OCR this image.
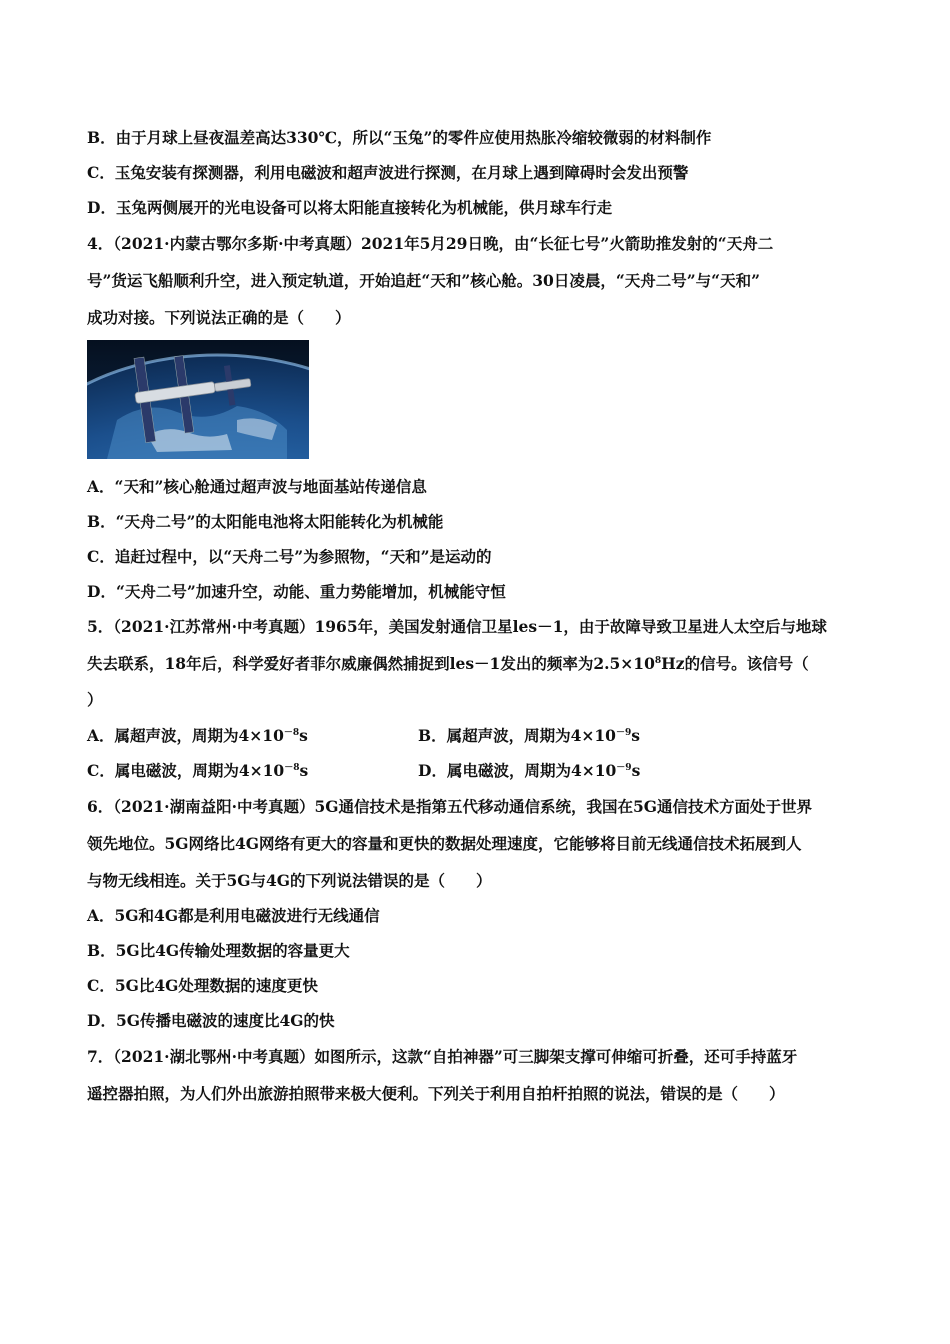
B．由于月球上昼夜温差高达330℃，所以“玉兔”的零件应使用热胀冷缩较微弱的材料制作
C．玉兔安装有探测器，利用电磁波和超声波进行探测，在月球上遇到障碍时会发出预警
D．玉兔两侧展开的光电设备可以将太阳能直接转化为机械能，供月球车行走
4．（2021·内蒙古鄂尔多斯·中考真题）2021年5月29日晚，由“长征七号”火箭助推发射的“天舟二
号”货运飞船顺利升空，进入预定轨道，开始追赶“天和”核心舱。30日凌晨，“天舟二号”与“天和”
成功对接。下列说法正确的是（　　）
A．“天和”核心舱通过超声波与地面基站传递信息
B．“天舟二号”的太阳能电池将太阳能转化为机械能
C．追赶过程中，以“天舟二号”为参照物，“天和”是运动的
D．“天舟二号”加速升空，动能、重力势能增加，机械能守恒
5．（2021·江苏常州·中考真题）1965年，美国发射通信卫星les－1，由于故障导致卫星进人太空后与地球
失去联系，18年后，科学爱好者菲尔威廉偶然捕捉到les－1发出的频率为$2.5\times 10^8Hz$的信号。该信号（
）
A．属超声波，周期为$4\times 10^{-8}s$	B．属超声波，周期为$4\times 10^{-9}s$
C．属电磁波，周期为$4\times 10^{-8}s$	D．属电磁波，周期为$4\times 10^{-9}s$
6．（2021·湖南益阳·中考真题）5G通信技术是指第五代移动通信系统，我国在5G通信技术方面处于世界
领先地位。5G网络比4G网络有更大的容量和更快的数据处理速度，它能够将目前无线通信技术拓展到人
与物无线相连。关于5G与4G的下列说法错误的是（　　）
A．5G和4G都是利用电磁波进行无线通信
B．5G比4G传输处理数据的容量更大
C．5G比4G处理数据的速度更快
D．5G传播电磁波的速度比4G的快
7．（2021·湖北鄂州·中考真题）如图所示，这款“自拍神器”可三脚架支撑可伸缩可折叠，还可手持蓝牙
遥控器拍照，为人们外出旅游拍照带来极大便利。下列关于利用自拍杆拍照的说法，错误的是（　　）
